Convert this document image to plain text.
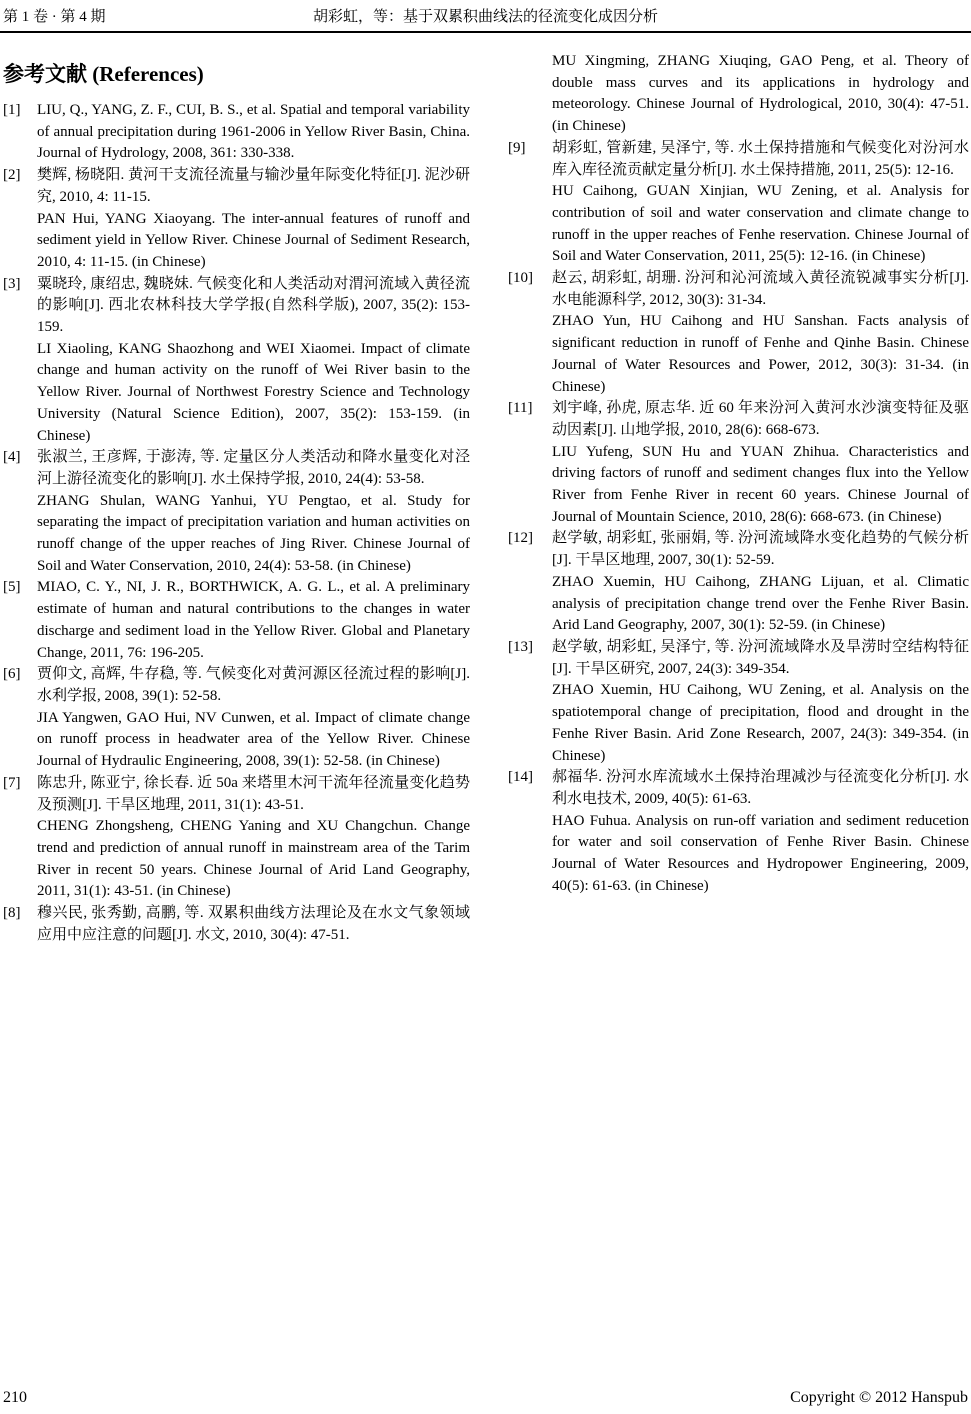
第 1 卷 · 第 4 期	胡彩虹，等：基于双累积曲线法的径流变化成因分析
参考文献 (References)
[1] LIU, Q., YANG, Z. F., CUI, B. S., et al. Spatial and temporal variability of annual precipitation during 1961-2006 in Yellow River Basin, China. Journal of Hydrology, 2008, 361: 330-338.

[2] 樊辉, 杨晓阳. 黄河干支流径流量与输沙量年际变化特征[J]. 泥沙研究, 2010, 4: 11-15.

PAN Hui, YANG Xiaoyang. The inter-annual features of runoff and sediment yield in Yellow River. Chinese Journal of Sediment Research, 2010, 4: 11-15. (in Chinese)

[3] 粟晓玲, 康绍忠, 魏晓妹. 气候变化和人类活动对渭河流域入黄径流的影响[J]. 西北农林科技大学学报(自然科学版), 2007, 35(2): 153-159.

LI Xiaoling, KANG Shaozhong and WEI Xiaomei. Impact of climate change and human activity on the runoff of Wei River basin to the Yellow River. Journal of Northwest Forestry Science and Technology University (Natural Science Edition), 2007, 35(2): 153-159. (in Chinese)

[4] 张淑兰, 王彦辉, 于澎涛, 等. 定量区分人类活动和降水量变化对泾河上游径流变化的影响[J]. 水土保持学报, 2010, 24(4): 53-58.

ZHANG Shulan, WANG Yanhui, YU Pengtao, et al. Study for separating the impact of precipitation variation and human activities on runoff change of the upper reaches of Jing River. Chinese Journal of Soil and Water Conservation, 2010, 24(4): 53-58. (in Chinese)

[5] MIAO, C. Y., NI, J. R., BORTHWICK, A. G. L., et al. A preliminary estimate of human and natural contributions to the changes in water discharge and sediment load in the Yellow River. Global and Planetary Change, 2011, 76: 196-205.

[6] 贾仰文, 高辉, 牛存稳, 等. 气候变化对黄河源区径流过程的影响[J]. 水利学报, 2008, 39(1): 52-58.

JIA Yangwen, GAO Hui, NV Cunwen, et al. Impact of climate change on runoff process in headwater area of the Yellow River. Chinese Journal of Hydraulic Engineering, 2008, 39(1): 52-58. (in Chinese)

[7] 陈忠升, 陈亚宁, 徐长春. 近 50a 来塔里木河干流年径流量变化趋势及预测[J]. 干旱区地理, 2011, 31(1): 43-51.

CHENG Zhongsheng, CHENG Yaning and XU Changchun. Change trend and prediction of annual runoff in mainstream area of the Tarim River in recent 50 years. Chinese Journal of Arid Land Geography, 2011, 31(1): 43-51. (in Chinese)

[8] 穆兴民, 张秀勤, 高鹏, 等. 双累积曲线方法理论及在水文气象领域应用中应注意的问题[J]. 水文, 2010, 30(4): 47-51.

MU Xingming, ZHANG Xiuqing, GAO Peng, et al. Theory of double mass curves and its applications in hydrology and meteorology. Chinese Journal of Hydrological, 2010, 30(4): 47-51. (in Chinese)

[9] 胡彩虹, 管新建, 吴泽宁, 等. 水土保持措施和气候变化对汾河水库入库径流贡献定量分析[J]. 水土保持措施, 2011, 25(5): 12-16.

HU Caihong, GUAN Xinjian, WU Zening, et al. Analysis for contribution of soil and water conservation and climate change to runoff in the upper reaches of Fenhe reservation. Chinese Journal of Soil and Water Conservation, 2011, 25(5): 12-16. (in Chinese)

[10] 赵云, 胡彩虹, 胡珊. 汾河和沁河流域入黄径流锐减事实分析[J]. 水电能源科学, 2012, 30(3): 31-34.

ZHAO Yun, HU Caihong and HU Sanshan. Facts analysis of significant reduction in runoff of Fenhe and Qinhe Basin. Chinese Journal of Water Resources and Power, 2012, 30(3): 31-34. (in Chinese)

[11] 刘宇峰, 孙虎, 原志华. 近 60 年来汾河入黄河水沙演变特征及驱动因素[J]. 山地学报, 2010, 28(6): 668-673.

LIU Yufeng, SUN Hu and YUAN Zhihua. Characteristics and driving factors of runoff and sediment changes flux into the Yellow River from Fenhe River in recent 60 years. Chinese Journal of Journal of Mountain Science, 2010, 28(6): 668-673. (in Chinese)

[12] 赵学敏, 胡彩虹, 张丽娟, 等. 汾河流域降水变化趋势的气候分析[J]. 干旱区地理, 2007, 30(1): 52-59.

ZHAO Xuemin, HU Caihong, ZHANG Lijuan, et al. Climatic analysis of precipitation change trend over the Fenhe River Basin. Arid Land Geography, 2007, 30(1): 52-59. (in Chinese)

[13] 赵学敏, 胡彩虹, 吴泽宁, 等. 汾河流域降水及旱涝时空结构特征[J]. 干旱区研究, 2007, 24(3): 349-354.

ZHAO Xuemin, HU Caihong, WU Zening, et al. Analysis on the spatiotemporal change of precipitation, flood and drought in the Fenhe River Basin. Arid Zone Research, 2007, 24(3): 349-354. (in Chinese)

[14] 郝福华. 汾河水库流域水土保持治理减沙与径流变化分析[J]. 水利水电技术, 2009, 40(5): 61-63.

HAO Fuhua. Analysis on run-off variation and sediment reducetion for water and soil conservation of Fenhe River Basin. Chinese Journal of Water Resources and Hydropower Engineering, 2009, 40(5): 61-63. (in Chinese)

210	Copyright © 2012 Hanspub
